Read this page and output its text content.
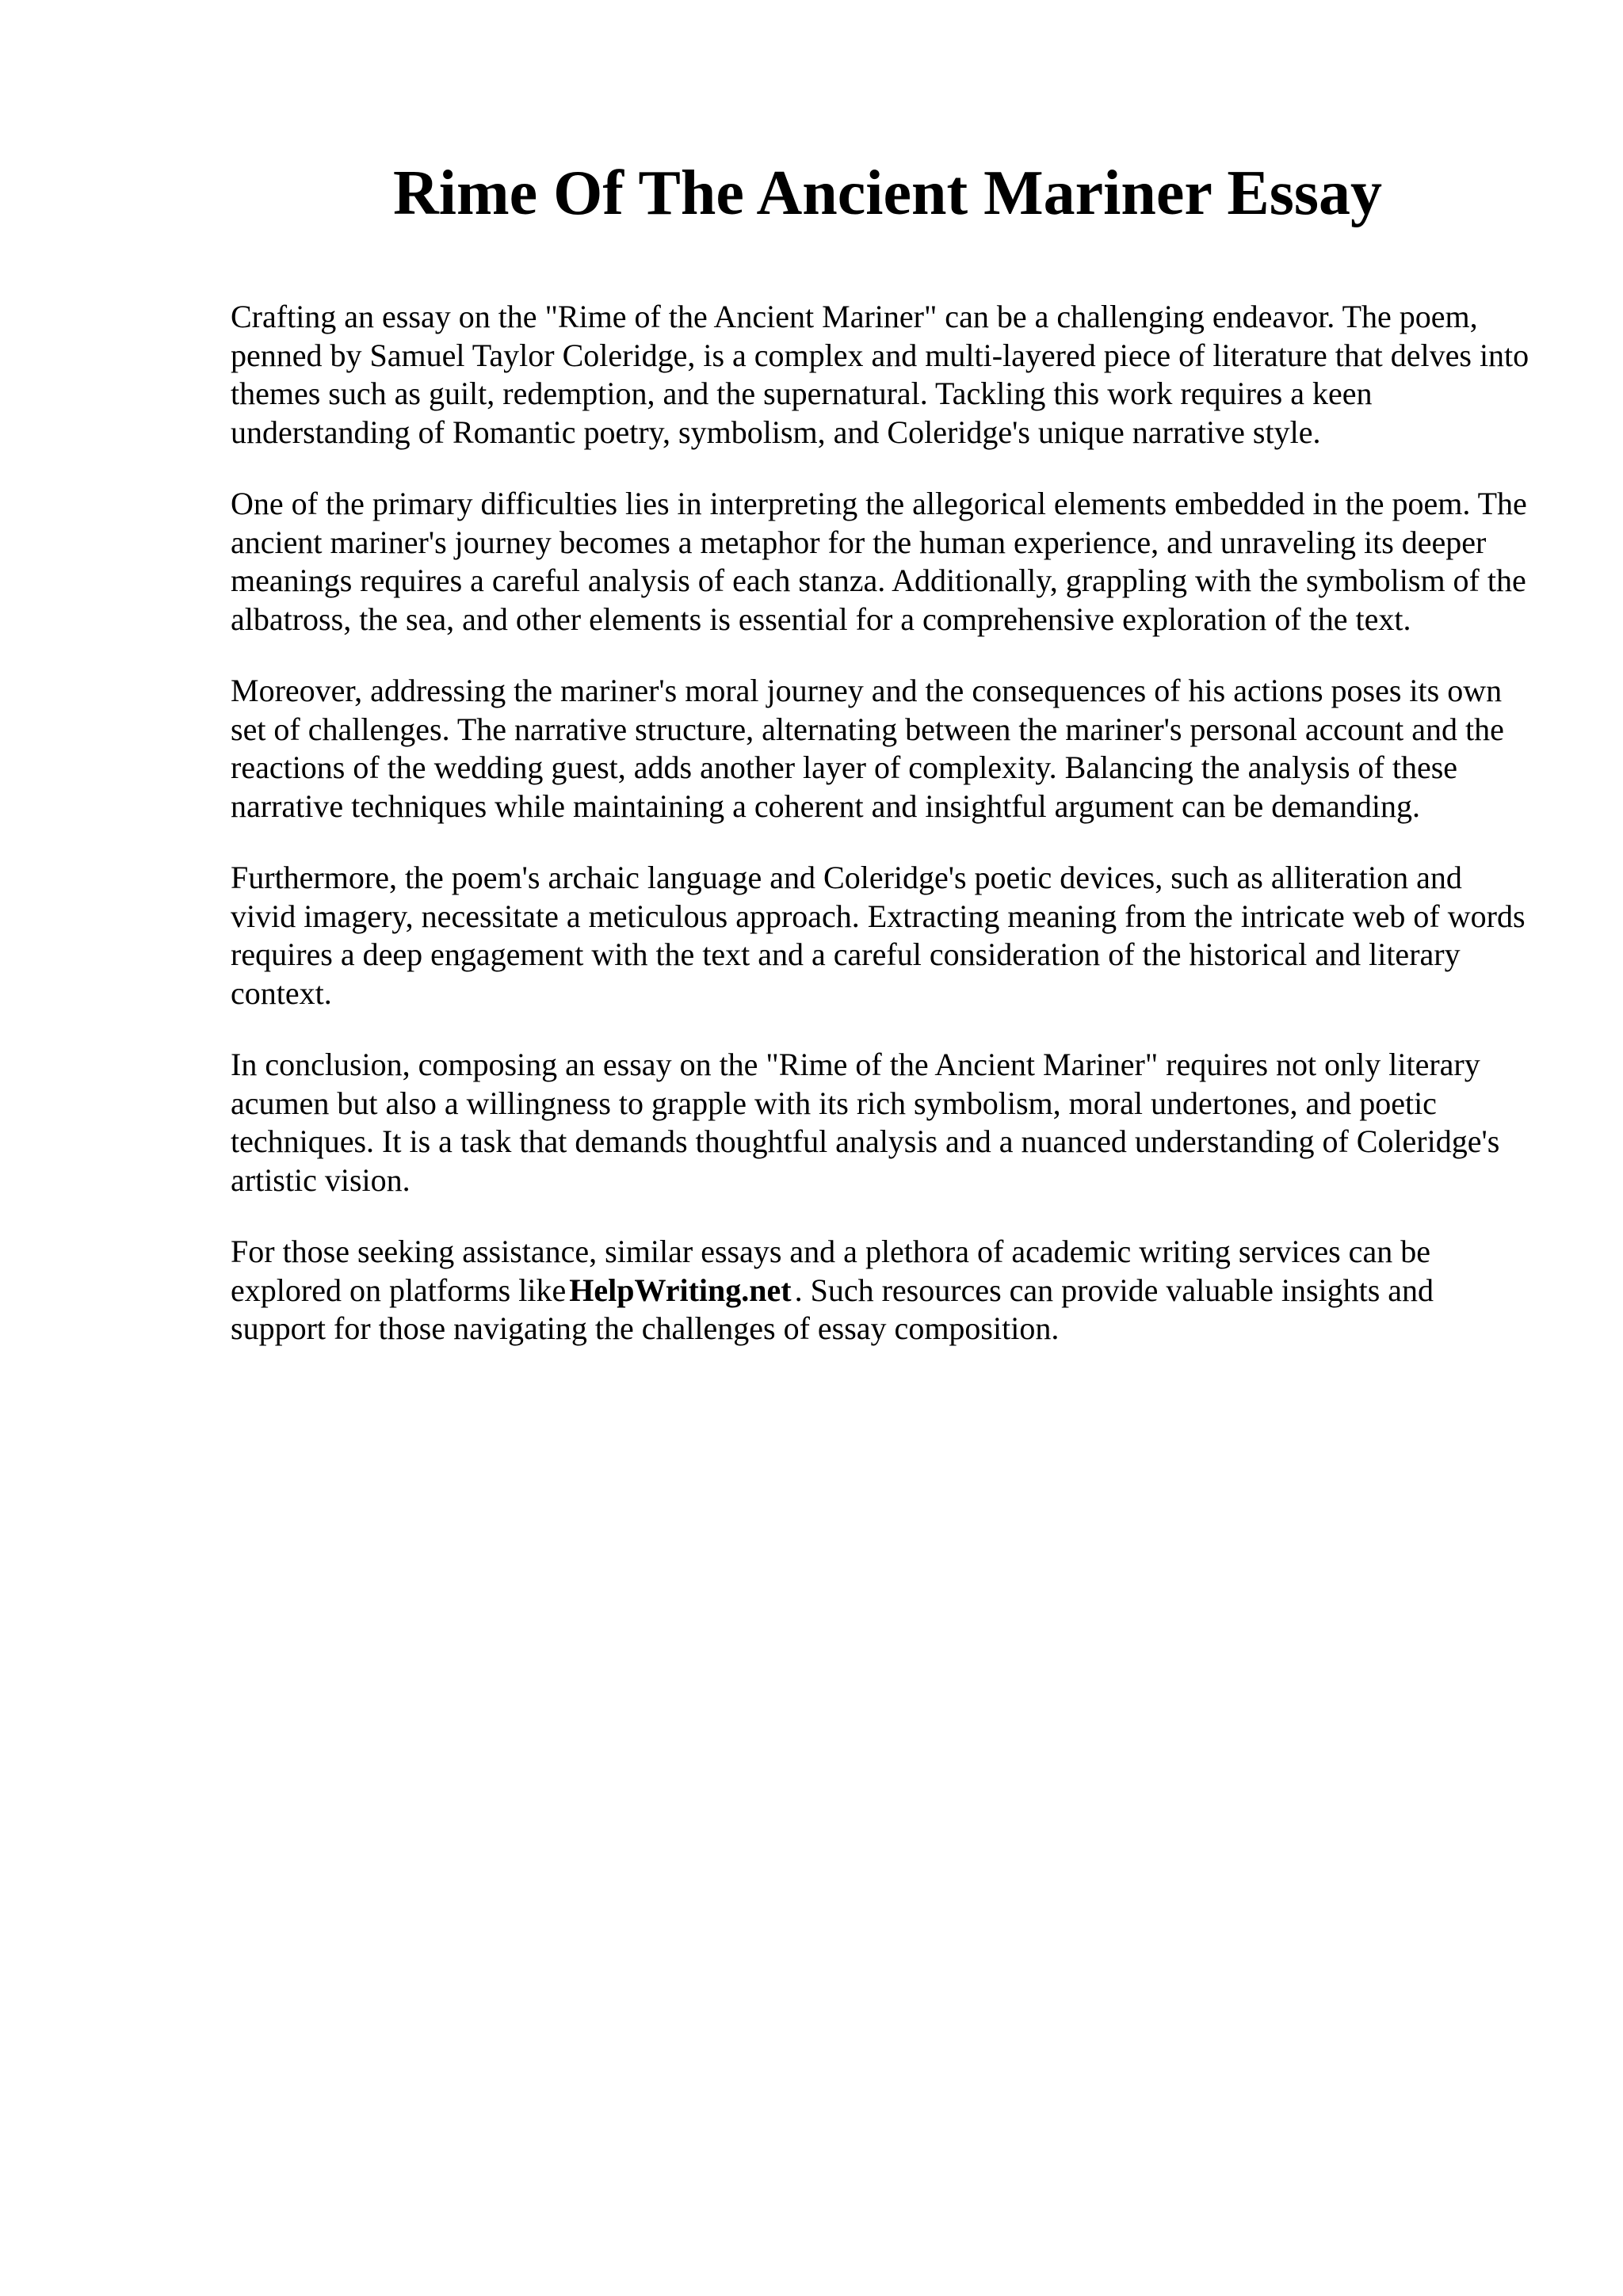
Rime Of The Ancient Mariner Essay

Crafting an essay on the "Rime of the Ancient Mariner" can be a challenging endeavor. The poem, penned by Samuel Taylor Coleridge, is a complex and multi-layered piece of literature that delves into themes such as guilt, redemption, and the supernatural. Tackling this work requires a keen understanding of Romantic poetry, symbolism, and Coleridge's unique narrative style.

One of the primary difficulties lies in interpreting the allegorical elements embedded in the poem. The ancient mariner's journey becomes a metaphor for the human experience, and unraveling its deeper meanings requires a careful analysis of each stanza. Additionally, grappling with the symbolism of the albatross, the sea, and other elements is essential for a comprehensive exploration of the text.

Moreover, addressing the mariner's moral journey and the consequences of his actions poses its own set of challenges. The narrative structure, alternating between the mariner's personal account and the reactions of the wedding guest, adds another layer of complexity. Balancing the analysis of these narrative techniques while maintaining a coherent and insightful argument can be demanding.

Furthermore, the poem's archaic language and Coleridge's poetic devices, such as alliteration and vivid imagery, necessitate a meticulous approach. Extracting meaning from the intricate web of words requires a deep engagement with the text and a careful consideration of the historical and literary context.

In conclusion, composing an essay on the "Rime of the Ancient Mariner" requires not only literary acumen but also a willingness to grapple with its rich symbolism, moral undertones, and poetic techniques. It is a task that demands thoughtful analysis and a nuanced understanding of Coleridge's artistic vision.

For those seeking assistance, similar essays and a plethora of academic writing services can be explored on platforms like HelpWriting.net . Such resources can provide valuable insights and support for those navigating the challenges of essay composition.
